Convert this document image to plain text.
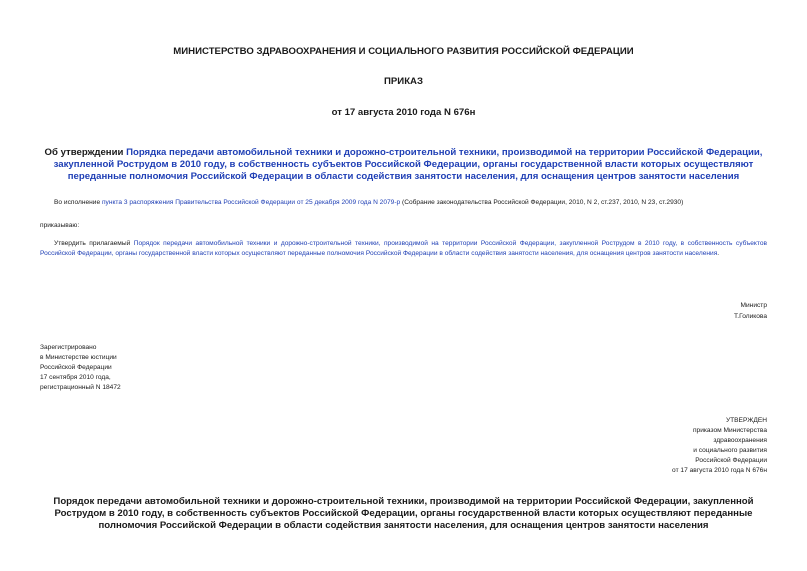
МИНИСТЕРСТВО ЗДРАВООХРАНЕНИЯ И СОЦИАЛЬНОГО РАЗВИТИЯ РОССИЙСКОЙ ФЕДЕРАЦИИ
ПРИКАЗ
от 17 августа 2010 года N 676н
Об утверждении Порядка передачи автомобильной техники и дорожно-строительной техники, производимой на территории Российской Федерации, закупленной Рострудом в 2010 году, в собственность субъектов Российской Федерации, органы государственной власти которых осуществляют переданные полномочия Российской Федерации в области содействия занятости населения, для оснащения центров занятости населения
Во исполнение пункта 3 распоряжения Правительства Российской Федерации от 25 декабря 2009 года N 2079-р (Собрание законодательства Российской Федерации, 2010, N 2, ст.237, 2010, N 23, ст.2930)
приказываю:
Утвердить прилагаемый Порядок передачи автомобильной техники и дорожно-строительной техники, производимой на территории Российской Федерации, закупленной Рострудом в 2010 году, в собственность субъектов Российской Федерации, органы государственной власти которых осуществляют переданные полномочия Российской Федерации в области содействия занятости населения, для оснащения центров занятости населения.
Министр
Т.Голикова
Зарегистрировано
в Министерстве юстиции
Российской Федерации
17 сентября 2010 года,
регистрационный N 18472
УТВЕРЖДЕН
приказом Министерства
здравоохранения
и социального развития
Российской Федерации
от 17 августа 2010 года N 676н
Порядок передачи автомобильной техники и дорожно-строительной техники, производимой на территории Российской Федерации, закупленной Рострудом в 2010 году, в собственность субъектов Российской Федерации, органы государственной власти которых осуществляют переданные полномочия Российской Федерации в области содействия занятости населения, для оснащения центров занятости населения
